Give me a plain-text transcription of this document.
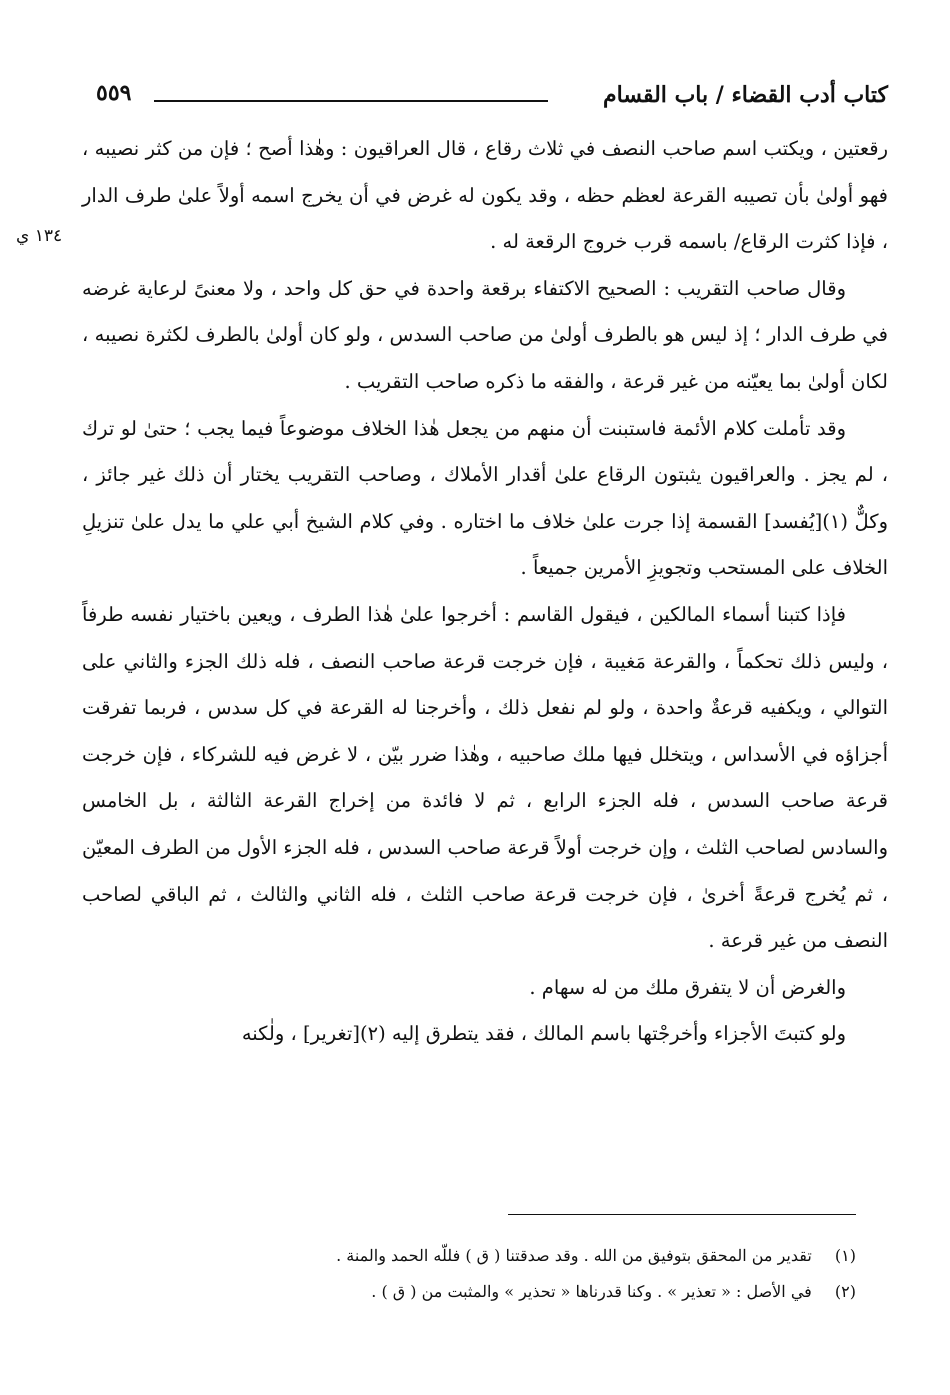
كتاب أدب القضاء / باب القسام
٥٥٩
١٣٤ ي

رقعتين ، ويكتب اسم صاحب النصف في ثلاث رقاع ، قال العراقيون : وهٰذا أصح ؛ فإن من كثر نصيبه ، فهو أولىٰ بأن تصيبه القرعة لعظم حظه ، وقد يكون له غرض في أن يخرج اسمه أولاً علىٰ طرف الدار ، فإذا كثرت الرقاع/ باسمه قرب خروج الرقعة له .

وقال صاحب التقريب : الصحيح الاكتفاء برقعة واحدة في حق كل واحد ، ولا معنىً لرعاية غرضه في طرف الدار ؛ إذ ليس هو بالطرف أولىٰ من صاحب السدس ، ولو كان أولىٰ بالطرف لكثرة نصيبه ، لكان أولىٰ بما يعيّنه من غير قرعة ، والفقه ما ذكره صاحب التقريب .

وقد تأملت كلام الأئمة فاستبنت أن منهم من يجعل هٰذا الخلاف موضوعاً فيما يجب ؛ حتىٰ لو ترك ، لم يجز . والعراقيون يثبتون الرقاع علىٰ أقدار الأملاك ، وصاحب التقريب يختار أن ذلك غير جائز ، وكلٌّ (١)[يُفسد] القسمة إذا جرت علىٰ خلاف ما اختاره . وفي كلام الشيخ أبي علي ما يدل علىٰ تنزيلِ الخلاف على المستحب وتجويزِ الأمرين جميعاً .

فإذا كتبنا أسماء المالكين ، فيقول القاسم : أخرجوا علىٰ هٰذا الطرف ، ويعين باختيار نفسه طرفاً ، وليس ذلك تحكماً ، والقرعة مَغيبة ، فإن خرجت قرعة صاحب النصف ، فله ذلك الجزء والثاني على التوالي ، ويكفيه قرعةٌ واحدة ، ولو لم نفعل ذلك ، وأخرجنا له القرعة في كل سدس ، فربما تفرقت أجزاؤه في الأسداس ، ويتخلل فيها ملك صاحبيه ، وهٰذا ضرر بيّن ، لا غرض فيه للشركاء ، فإن خرجت قرعة صاحب السدس ، فله الجزء الرابع ، ثم لا فائدة من إخراج القرعة الثالثة ، بل الخامس والسادس لصاحب الثلث ، وإن خرجت أولاً قرعة صاحب السدس ، فله الجزء الأول من الطرف المعيّن ، ثم يُخرج قرعةً أخرىٰ ، فإن خرجت قرعة صاحب الثلث ، فله الثاني والثالث ، ثم الباقي لصاحب النصف من غير قرعة .

والغرض أن لا يتفرق ملك من له سهام .

ولو كتبتَ الأجزاء وأخرجْتها باسم المالك ، فقد يتطرق إليه (٢)[تغرير] ، ولٰكنه

(١) تقدير من المحقق بتوفيق من الله . وقد صدقتنا ( ق ) فللّه الحمد والمنة .

(٢) في الأصل : « تعذير » . وكنا قدرناها « تحذير » والمثبت من ( ق ) .
